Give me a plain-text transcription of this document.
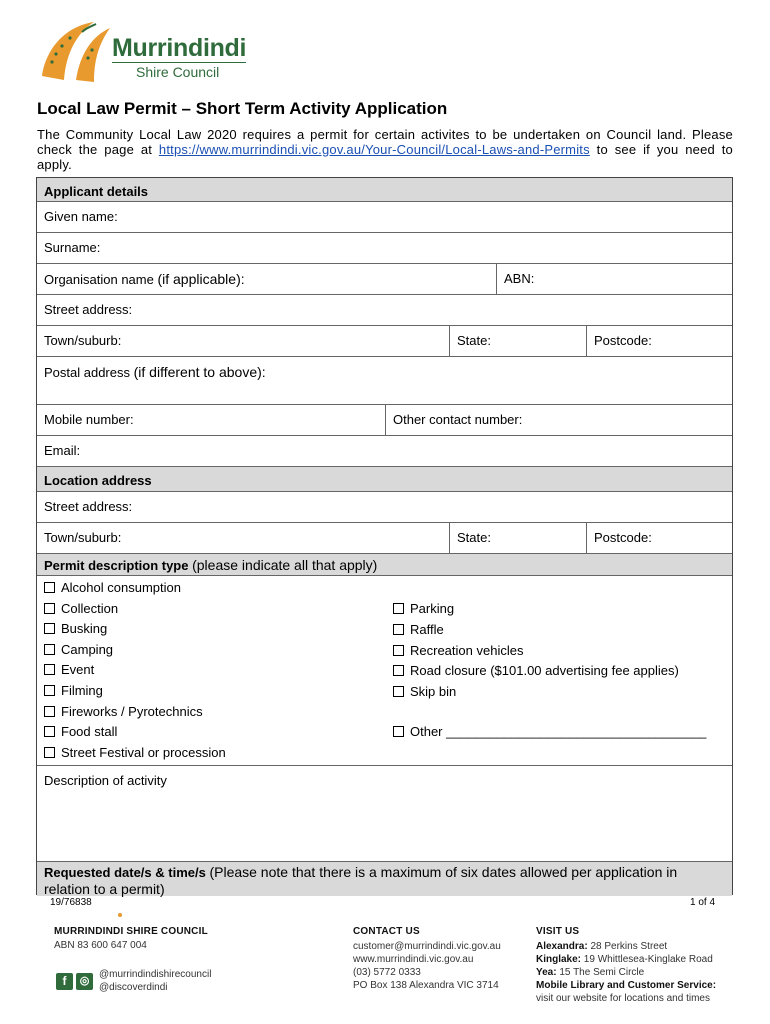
Murrindindi
Shire Council
Local Law Permit – Short Term Activity Application
The Community Local Law 2020 requires a permit for certain activites to be undertaken on Council land. Please check the page at https://www.murrindindi.vic.gov.au/Your-Council/Local-Laws-and-Permits to see if you need to apply.
Applicant details
Given name:
Surname:
Organisation name (if applicable):	ABN:
Street address:
Town/suburb:	State:	Postcode:
Postal address (if different to above):
Mobile number:	Other contact number:
Email:
Location address
Street address:
Town/suburb:	State:	Postcode:
Permit description type (please indicate all that apply)
Alcohol consumption
Collection
Busking
Camping
Event
Filming
Fireworks / Pyrotechnics
Food stall
Street Festival or procession
Parking
Raffle
Recreation vehicles
Road closure ($101.00 advertising fee applies)
Skip bin
Other ____________________________________
Description of activity
Requested date/s & time/s (Please note that there is a maximum of six dates allowed per application in relation to a permit)
19/76838	1 of 4
MURRINDINDI SHIRE COUNCIL
ABN 83 600 647 004
f	◎
@murrindindishirecouncil
@discoverdindi
CONTACT US
customer@murrindindi.vic.gov.au
www.murrindindi.vic.gov.au
(03) 5772 0333
PO Box 138 Alexandra VIC 3714
VISIT US
Alexandra: 28 Perkins Street
Kinglake: 19 Whittlesea-Kinglake Road
Yea: 15 The Semi Circle
Mobile Library and Customer Service:
visit our website for locations and times
